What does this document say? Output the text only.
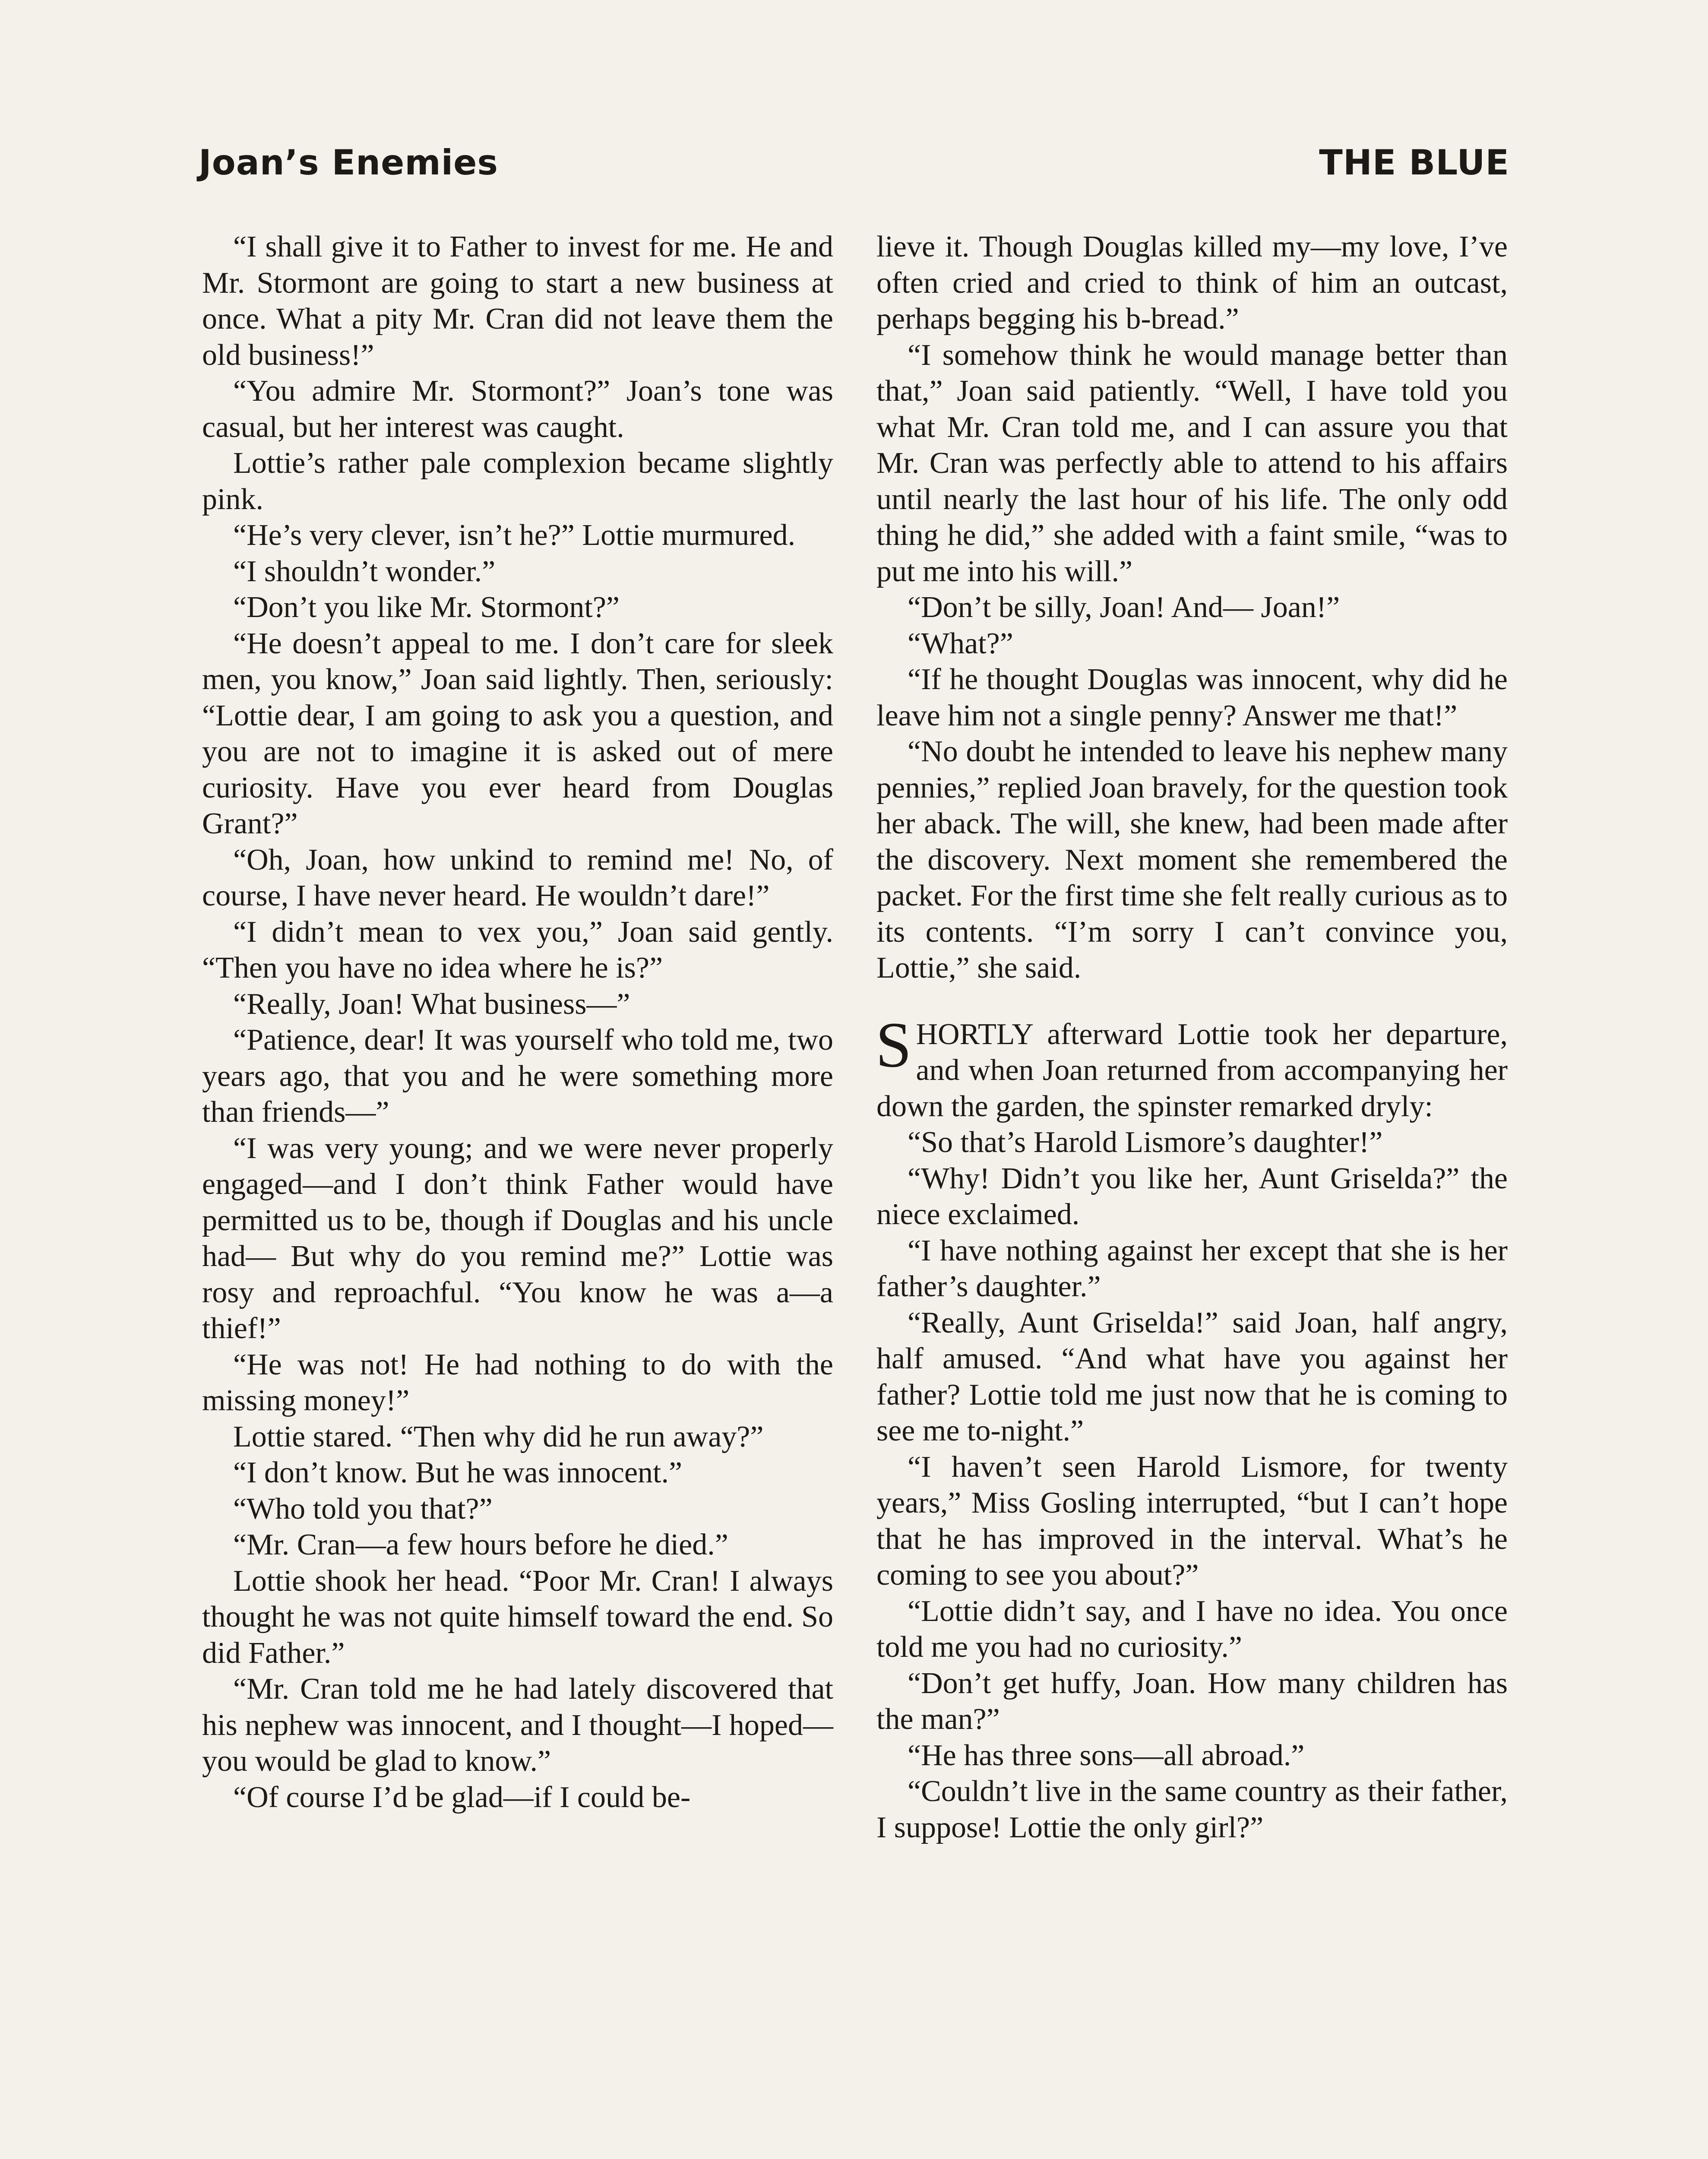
Joan’s Enemies	THE BLUE

“I shall give it to Father to invest for me. He and Mr. Stormont are going to start a new business at once. What a pity Mr. Cran did not leave them the old business!”

“You admire Mr. Stormont?” Joan’s tone was casual, but her interest was caught.

Lottie’s rather pale complexion became slightly pink.

“He’s very clever, isn’t he?” Lottie murmured.

“I shouldn’t wonder.”

“Don’t you like Mr. Stormont?”

“He doesn’t appeal to me. I don’t care for sleek men, you know,” Joan said lightly. Then, seriously: “Lottie dear, I am going to ask you a question, and you are not to imagine it is asked out of mere curiosity. Have you ever heard from Douglas Grant?”

“Oh, Joan, how unkind to remind me! No, of course, I have never heard. He wouldn’t dare!”

“I didn’t mean to vex you,” Joan said gently. “Then you have no idea where he is?”

“Really, Joan! What business—”

“Patience, dear! It was yourself who told me, two years ago, that you and he were something more than friends—”

“I was very young; and we were never properly engaged—and I don’t think Father would have permitted us to be, though if Douglas and his uncle had— But why do you remind me?” Lottie was rosy and reproachful. “You know he was a—a thief!”

“He was not! He had nothing to do with the missing money!”

Lottie stared. “Then why did he run away?”

“I don’t know. But he was innocent.”

“Who told you that?”

“Mr. Cran—a few hours before he died.”

Lottie shook her head. “Poor Mr. Cran! I always thought he was not quite himself toward the end. So did Father.”

“Mr. Cran told me he had lately discovered that his nephew was innocent, and I thought—I hoped—you would be glad to know.”

“Of course I’d be glad—if I could be-

lieve it. Though Douglas killed my—my love, I’ve often cried and cried to think of him an outcast, perhaps begging his b-bread.”

“I somehow think he would manage better than that,” Joan said patiently. “Well, I have told you what Mr. Cran told me, and I can assure you that Mr. Cran was perfectly able to attend to his affairs until nearly the last hour of his life. The only odd thing he did,” she added with a faint smile, “was to put me into his will.”

“Don’t be silly, Joan! And— Joan!”

“What?”

“If he thought Douglas was innocent, why did he leave him not a single penny? Answer me that!”

“No doubt he intended to leave his nephew many pennies,” replied Joan bravely, for the question took her aback. The will, she knew, had been made after the discovery. Next moment she remembered the packet. For the first time she felt really curious as to its contents. “I’m sorry I can’t convince you, Lottie,” she said.

SHORTLY afterward Lottie took her departure, and when Joan returned from accompanying her down the garden, the spinster remarked dryly:

“So that’s Harold Lismore’s daughter!”

“Why! Didn’t you like her, Aunt Griselda?” the niece exclaimed.

“I have nothing against her except that she is her father’s daughter.”

“Really, Aunt Griselda!” said Joan, half angry, half amused. “And what have you against her father? Lottie told me just now that he is coming to see me to-night.”

“I haven’t seen Harold Lismore, for twenty years,” Miss Gosling interrupted, “but I can’t hope that he has improved in the interval. What’s he coming to see you about?”

“Lottie didn’t say, and I have no idea. You once told me you had no curiosity.”

“Don’t get huffy, Joan. How many children has the man?”

“He has three sons—all abroad.”

“Couldn’t live in the same country as their father, I suppose! Lottie the only girl?”
